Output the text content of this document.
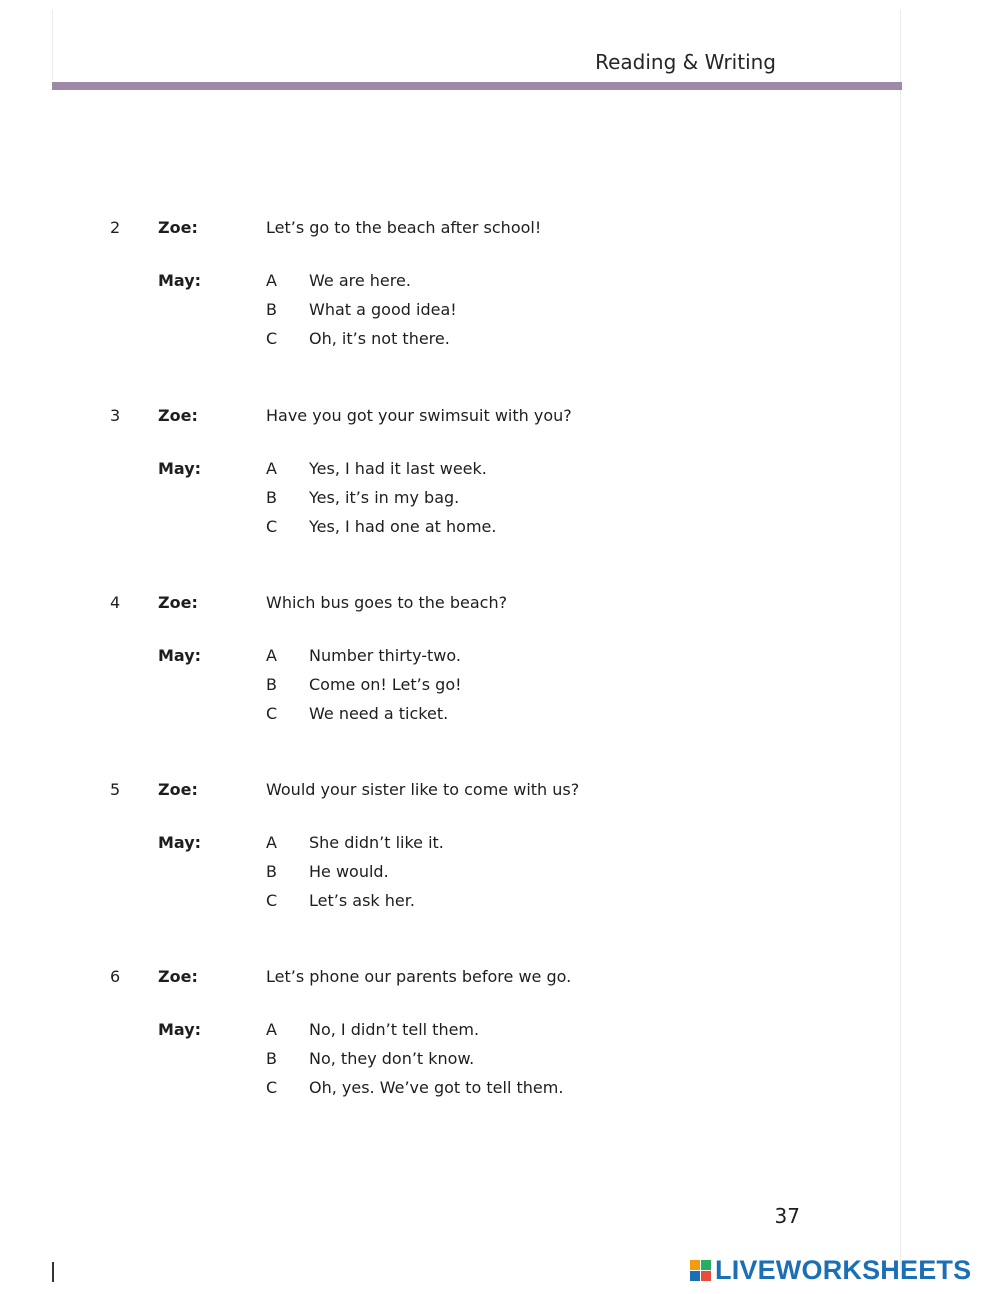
Reading & Writing
2 Zoe:	Let’s go to the beach after school!
May:	A We are here.
B What a good idea!
C Oh, it’s not there.
3 Zoe:	Have you got your swimsuit with you?
May:	A Yes, I had it last week.
B Yes, it’s in my bag.
C Yes, I had one at home.
4 Zoe:	Which bus goes to the beach?
May:	A Number thirty-two.
B Come on! Let’s go!
C We need a ticket.
5 Zoe:	Would your sister like to come with us?
May:	A She didn’t like it.
B He would.
C Let’s ask her.
6 Zoe:	Let’s phone our parents before we go.
May:	A No, I didn’t tell them.
B No, they don’t know.
C Oh, yes. We’ve got to tell them.
37
LIVEWORKSHEETS
